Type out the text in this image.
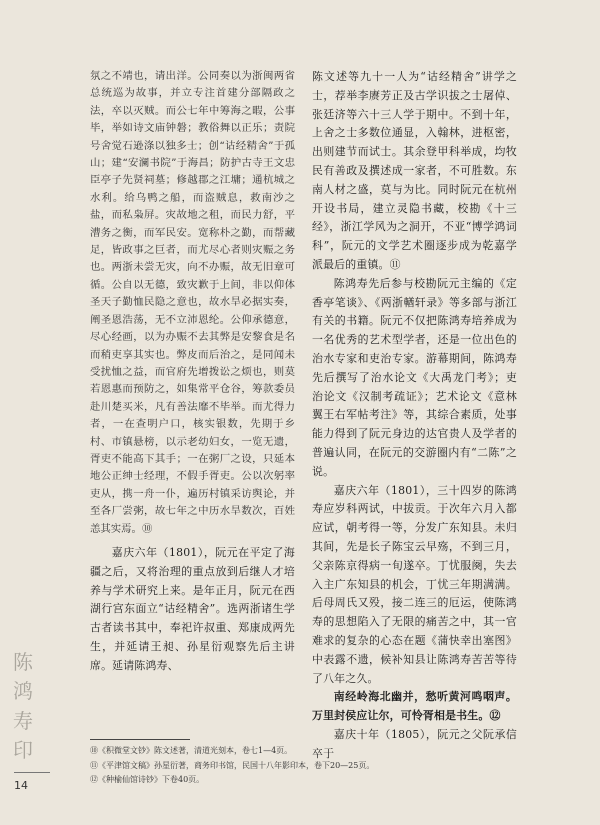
氛之不靖也，请出洋。公同奏以为浙闽两省总统巡为故事，并立专注首建分部隔政之法，卒以灭贼。而公七年中筹海之暇，公事毕，举如诗文庙钟磐；教俗舞以正乐；责院号舍觉石逊涤以独多士；创“诂经精舍”于孤山；建“安澜书院”于海昌；防护古寺王文忠臣亭子先贤祠墓；修越郡之江墉；通杭城之水利。给乌鸭之船，而盗贼息，救南沙之盐，而私枭屏。灾故地之租，而民力舒，平漕务之衡，而军民安。宽称朴之勤，而帮藏足，皆政事之巨者，而尤尽心者则灾赈之务也。两浙未尝无灾，向不办赈，故无旧章可循。公自以无德，致灾歉于上间，非以仰体圣天子勤恤民隐之意也，故水旱必据实奏，阐圣恩浩荡，无不立沛恩纶。公仰承德意，尽心经画，以为办赈不去其弊是安黎食是名而稍吏享其实也。弊皮而后治之，是同闻未受扰恤之益，而官府先增拨讼之烦也，则莫若恩惠而预防之，如集常平仓谷，筹款委员赴川楚买米，凡有善法靡不毕举。而尤得力者，一在查明户口，核实银数，先期于乡村、市镇悬榜，以示老幼妇女，一览无遗，胥吏不能高下其手；一在粥厂之设，只延本地公正绅士经理，不假手胥吏。公以次躬率吏从，携一舟一仆，遍历村镇采访舆论，并至各厂尝粥，故七年之中历水旱数次，百姓恙其实焉。⑩

嘉庆六年（1801），阮元在平定了海疆之后，又将治理的重点放到后继人才培养与学术研究上来。是年正月，阮元在西湖行宫东面立“诂经精舍”。选两浙诸生学古者读书其中，奉祀许叔重、郑康成两先生，并延请王昶、孙星衍观察先后主讲席。延请陈鸿寿、

陈文述等九十一人为“诂经精舍”讲学之士，荐举李赓芳正及古学识拔之士屠倬、张廷济等六十三人学于期中。不到十年，上舍之士多数位通显，入翰林，进枢密，出则建节而试士。其余登甲科举成，均牧民有善政及撰述成一家者，不可胜数。东南人材之盛，莫与为比。同时阮元在杭州开设书局，建立灵隐书藏，校勘《十三经》，浙江学风为之洞开，不亚“博学鸿词科”，阮元的文学艺术圈逐步成为乾嘉学派最后的重镇。⑪

陈鸿寿先后参与校勘阮元主编的《定香亭笔谈》、《两浙輶轩录》等多部与浙江有关的书籍。阮元不仅把陈鸿寿培养成为一名优秀的艺术型学者，还是一位出色的治水专家和吏治专家。游幕期间，陈鸿寿先后撰写了治水论文《大禹龙门考》；吏治论文《汉制考疏证》；艺术论文《意林翼王右军帖考注》等，其综合素质，处事能力得到了阮元身边的达官贵人及学者的普遍认同，在阮元的交游圈内有“二陈”之说。

嘉庆六年（1801），三十四岁的陈鸿寿应岁科两试，中拔贡。于次年六月入都应试，朝考得一等，分发广东知县。未归其间，先是长子陈宝云早殇，不到三月，父亲陈京得病一旬遂卒。丁忧服阕，失去入主广东知县的机会，丁忧三年期满满。后母周氏又殁，接二连三的厄运，使陈鸿寿的思想陷入了无限的痛苦之中，其一官难求的复杂的心态在题《蒲快幸出塞图》中表露不遗，候补知县让陈鸿寿苦苦等待了八年之久。

南经岭海北幽并，愁听黄河鸣咽声。万里封侯应让尔，可怜胥相是书生。⑫

嘉庆十年（1805），阮元之父阮承信卒于

⑩《积微堂文钞》陈文述著，清道光刻本，卷七1—4页。

⑪《平津馆文稿》孙星衍著，商务印书馆，民国十八年影印本，卷下20—25页。

⑫《种榆仙馆诗钞》下卷40页。

陈
鸿
寿
印
14
